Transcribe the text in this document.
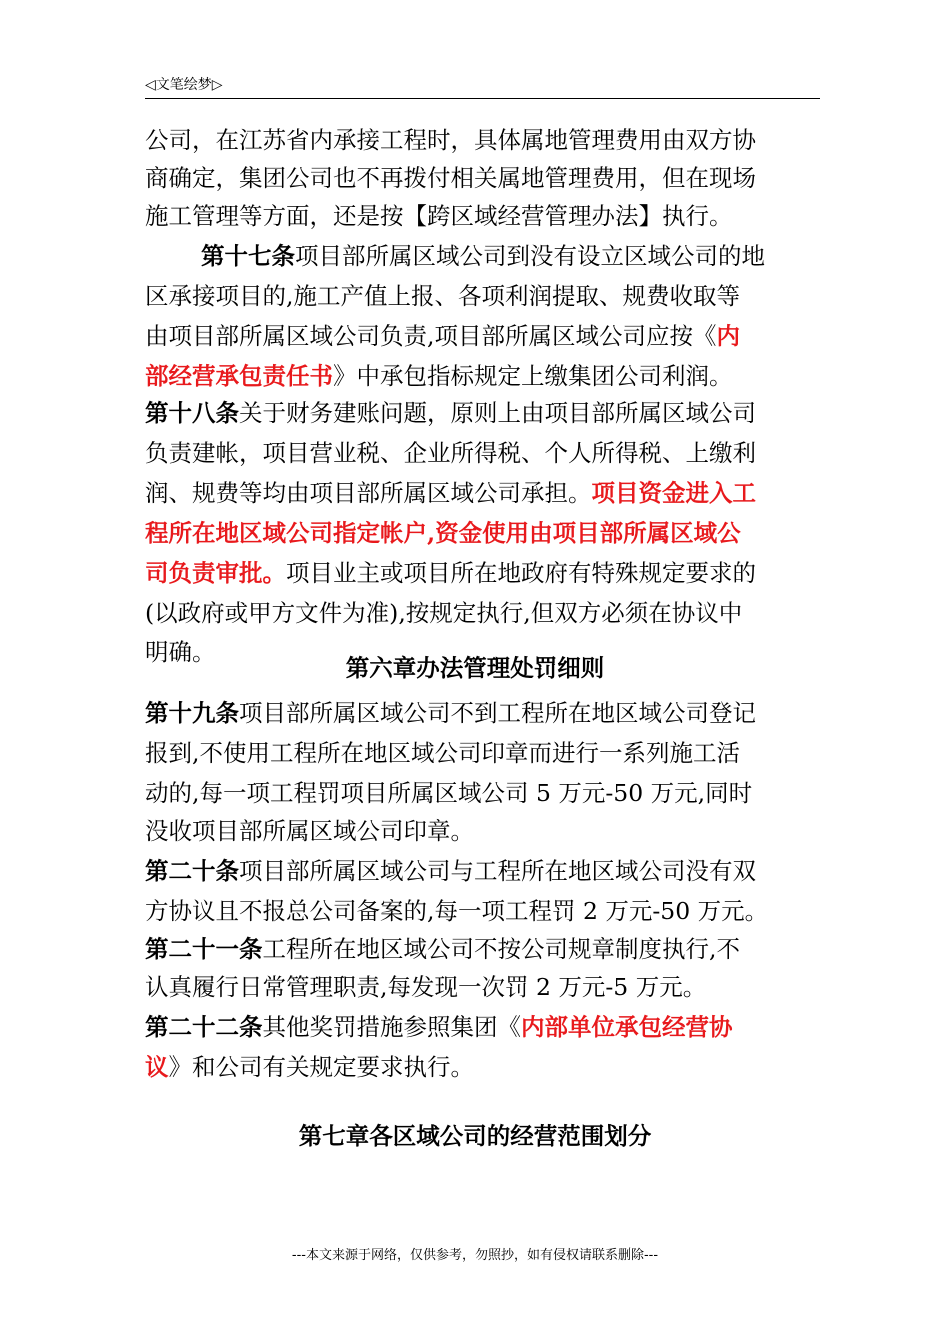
◁文笔绘梦▷
公司，在江苏省内承接工程时，具体属地管理费用由双方协
商确定，集团公司也不再拨付相关属地管理费用，但在现场
施工管理等方面，还是按【跨区域经营管理办法】执行。
第十七条项目部所属区域公司到没有设立区域公司的地
区承接项目的,施工产值上报、各项利润提取、规费收取等
由项目部所属区域公司负责,项目部所属区域公司应按《内
部经营承包责任书》中承包指标规定上缴集团公司利润。
第十八条关于财务建账问题，原则上由项目部所属区域公司
负责建帐，项目营业税、企业所得税、个人所得税、上缴利
润、规费等均由项目部所属区域公司承担。项目资金进入工
程所在地区域公司指定帐户,资金使用由项目部所属区域公
司负责审批。项目业主或项目所在地政府有特殊规定要求的
(以政府或甲方文件为准),按规定执行,但双方必须在协议中
明确。
第十九条项目部所属区域公司不到工程所在地区域公司登记
报到,不使用工程所在地区域公司印章而进行一系列施工活
动的,每一项工程罚项目所属区域公司 5 万元-50 万元,同时
没收项目部所属区域公司印章。
第二十条项目部所属区域公司与工程所在地区域公司没有双
方协议且不报总公司备案的,每一项工程罚 2 万元-50 万元。
第二十一条工程所在地区域公司不按公司规章制度执行,不
认真履行日常管理职责,每发现一次罚 2 万元-5 万元。
第二十二条其他奖罚措施参照集团《内部单位承包经营协
议》和公司有关规定要求执行。
第六章办法管理处罚细则
第七章各区域公司的经营范围划分
---本文来源于网络，仅供参考，勿照抄，如有侵权请联系删除---
